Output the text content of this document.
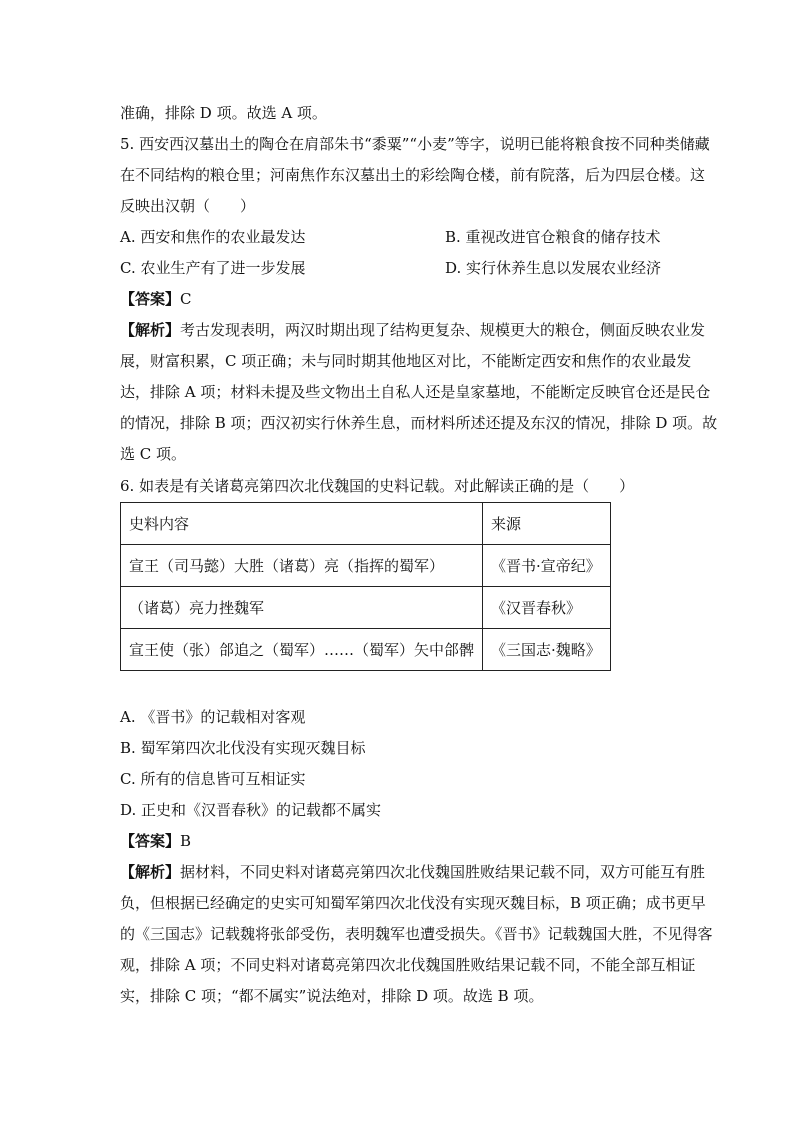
准确，排除 D 项。故选 A 项。
5. 西安西汉墓出土的陶仓在肩部朱书“黍粟”“小麦”等字，说明已能将粮食按不同种类储藏
在不同结构的粮仓里；河南焦作东汉墓出土的彩绘陶仓楼，前有院落，后为四层仓楼。这
反映出汉朝（　　）
A. 西安和焦作的农业最发达	B. 重视改进官仓粮食的储存技术
C. 农业生产有了进一步发展	D. 实行休养生息以发展农业经济
【答案】C
【解析】考古发现表明，两汉时期出现了结构更复杂、规模更大的粮仓，侧面反映农业发
展，财富积累，C 项正确；未与同时期其他地区对比，不能断定西安和焦作的农业最发
达，排除 A 项；材料未提及些文物出土自私人还是皇家墓地，不能断定反映官仓还是民仓
的情况，排除 B 项；西汉初实行休养生息，而材料所述还提及东汉的情况，排除 D 项。故
选 C 项。
6. 如表是有关诸葛亮第四次北伐魏国的史料记载。对此解读正确的是（　　）
史料内容	来源
宣王（司马懿）大胜（诸葛）亮（指挥的蜀军）	《晋书·宣帝纪》
（诸葛）亮力挫魏军	《汉晋春秋》
宣王使（张）郃追之（蜀军）……（蜀军）矢中郃髀	《三国志·魏略》
A. 《晋书》的记载相对客观
B. 蜀军第四次北伐没有实现灭魏目标
C. 所有的信息皆可互相证实
D. 正史和《汉晋春秋》的记载都不属实
【答案】B
【解析】据材料，不同史料对诸葛亮第四次北伐魏国胜败结果记载不同，双方可能互有胜
负，但根据已经确定的史实可知蜀军第四次北伐没有实现灭魏目标，B 项正确；成书更早
的《三国志》记载魏将张郃受伤，表明魏军也遭受损失。《晋书》记载魏国大胜，不见得客
观，排除 A 项；不同史料对诸葛亮第四次北伐魏国胜败结果记载不同，不能全部互相证
实，排除 C 项；“都不属实”说法绝对，排除 D 项。故选 B 项。
